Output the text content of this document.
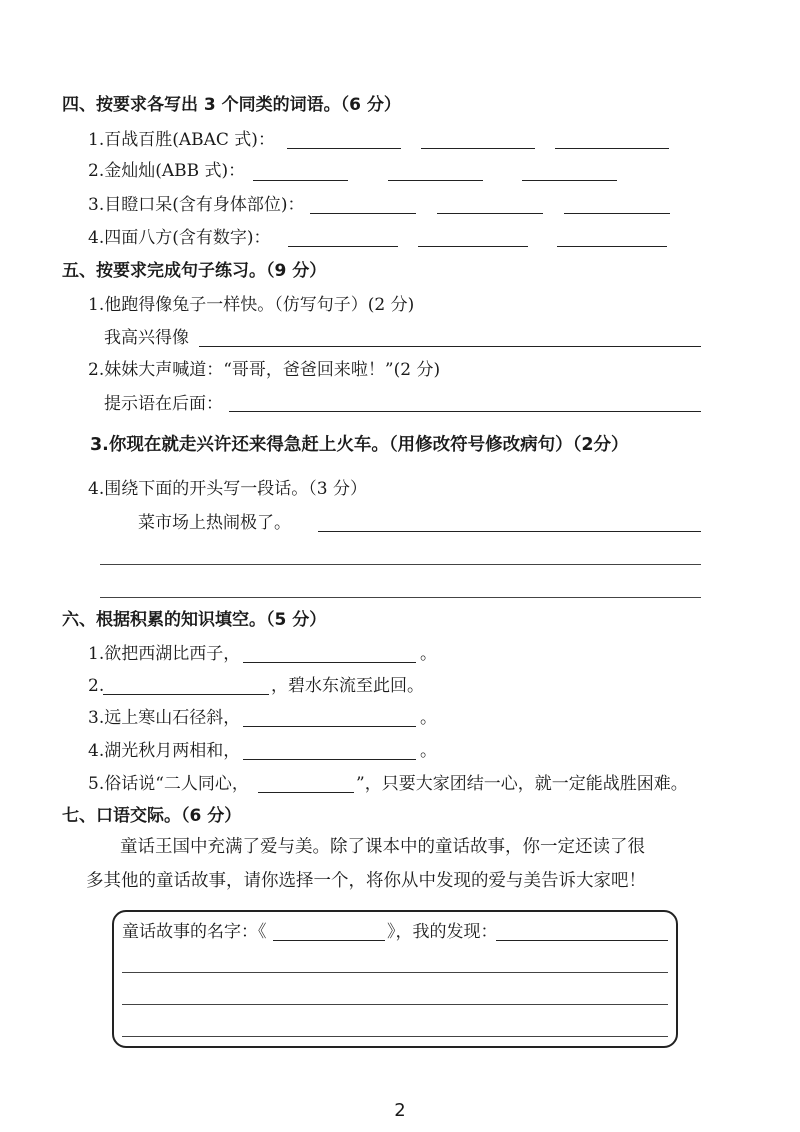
四、按要求各写出 3 个同类的词语。（6 分）
1.百战百胜(ABAC 式)：
2.金灿灿(ABB 式)：
3.目瞪口呆(含有身体部位)：
4.四面八方(含有数字)：
五、按要求完成句子练习。（9 分）
1.他跑得像兔子一样快。（仿写句子）(2 分)
我高兴得像
2.妹妹大声喊道：“哥哥，爸爸回来啦！”(2 分)
提示语在后面：
3.你现在就走兴许还来得急赶上火车。（用修改符号修改病句）（2分）
4.围绕下面的开头写一段话。（3 分）
菜市场上热闹极了。
六、根据积累的知识填空。（5 分）
1.欲把西湖比西子，	。
2.	，碧水东流至此回。
3.远上寒山石径斜，	。
4.湖光秋月两相和，	。
5.俗话说“二人同心，	”，只要大家团结一心，就一定能战胜困难。
七、口语交际。（6 分）
童话王国中充满了爱与美。除了课本中的童话故事，你一定还读了很
多其他的童话故事，请你选择一个，将你从中发现的爱与美告诉大家吧！
童话故事的名字：《	》，我的发现：
2
